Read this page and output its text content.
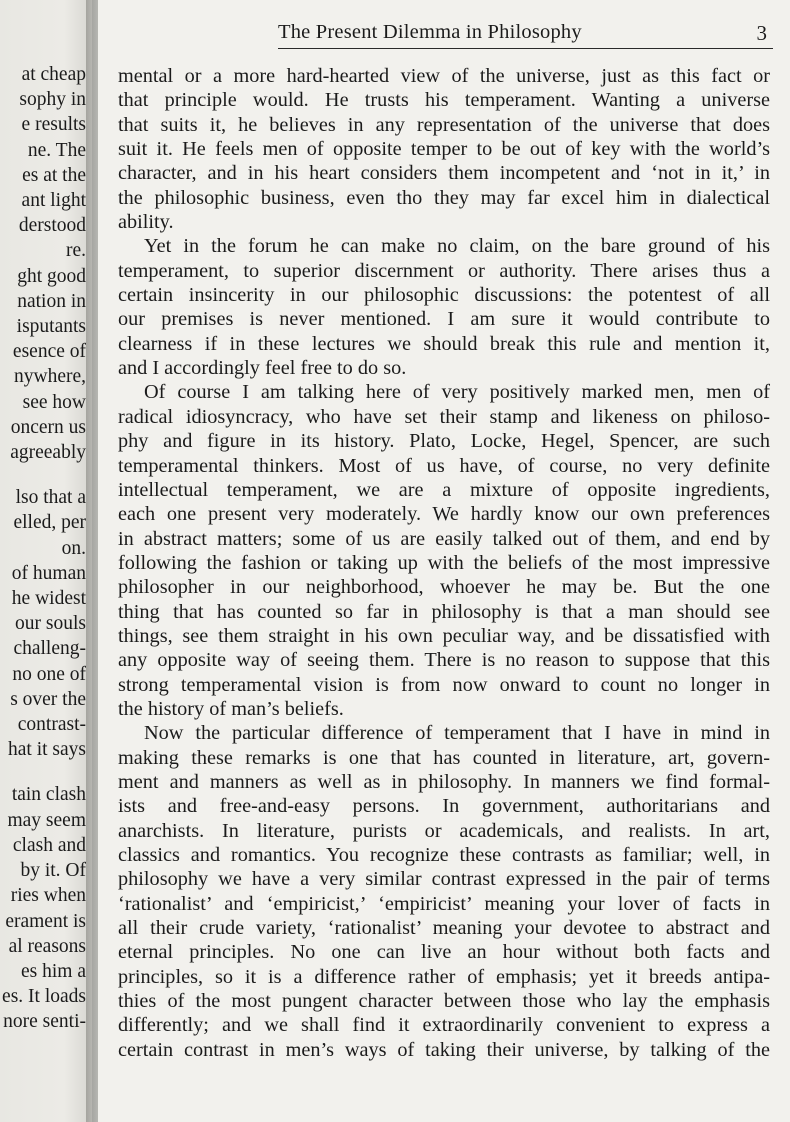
at cheap
sophy in
e results
ne. The
es at the
ant light
derstood
re.
ght good
nation in
isputants
esence of
nywhere,
see how
oncern us
agreeably
lso that a
elled, per
on.
of human
he widest
our souls
challeng-
no one of
s over the
contrast-
hat it says
tain clash
may seem
clash and
by it. Of
ries when
erament is
al reasons
es him a
es. It loads
nore senti-
The Present Dilemma in Philosophy	3
mental or a more hard-hearted view of the universe, just as this fact or
that principle would. He trusts his temperament. Wanting a universe
that suits it, he believes in any representation of the universe that does
suit it. He feels men of opposite temper to be out of key with the world’s
character, and in his heart considers them incompetent and ‘not in it,’ in
the philosophic business, even tho they may far excel him in dialectical
ability.
Yet in the forum he can make no claim, on the bare ground of his
temperament, to superior discernment or authority. There arises thus a
certain insincerity in our philosophic discussions: the potentest of all
our premises is never mentioned. I am sure it would contribute to
clearness if in these lectures we should break this rule and mention it,
and I accordingly feel free to do so.
Of course I am talking here of very positively marked men, men of
radical idiosyncracy, who have set their stamp and likeness on philoso-
phy and figure in its history. Plato, Locke, Hegel, Spencer, are such
temperamental thinkers. Most of us have, of course, no very definite
intellectual temperament, we are a mixture of opposite ingredients,
each one present very moderately. We hardly know our own preferences
in abstract matters; some of us are easily talked out of them, and end by
following the fashion or taking up with the beliefs of the most impressive
philosopher in our neighborhood, whoever he may be. But the one
thing that has counted so far in philosophy is that a man should see
things, see them straight in his own peculiar way, and be dissatisfied with
any opposite way of seeing them. There is no reason to suppose that this
strong temperamental vision is from now onward to count no longer in
the history of man’s beliefs.
Now the particular difference of temperament that I have in mind in
making these remarks is one that has counted in literature, art, govern-
ment and manners as well as in philosophy. In manners we find formal-
ists and free-and-easy persons. In government, authoritarians and
anarchists. In literature, purists or academicals, and realists. In art,
classics and romantics. You recognize these contrasts as familiar; well, in
philosophy we have a very similar contrast expressed in the pair of terms
‘rationalist’ and ‘empiricist,’ ‘empiricist’ meaning your lover of facts in
all their crude variety, ‘rationalist’ meaning your devotee to abstract and
eternal principles. No one can live an hour without both facts and
principles, so it is a difference rather of emphasis; yet it breeds antipa-
thies of the most pungent character between those who lay the emphasis
differently; and we shall find it extraordinarily convenient to express a
certain contrast in men’s ways of taking their universe, by talking of the
